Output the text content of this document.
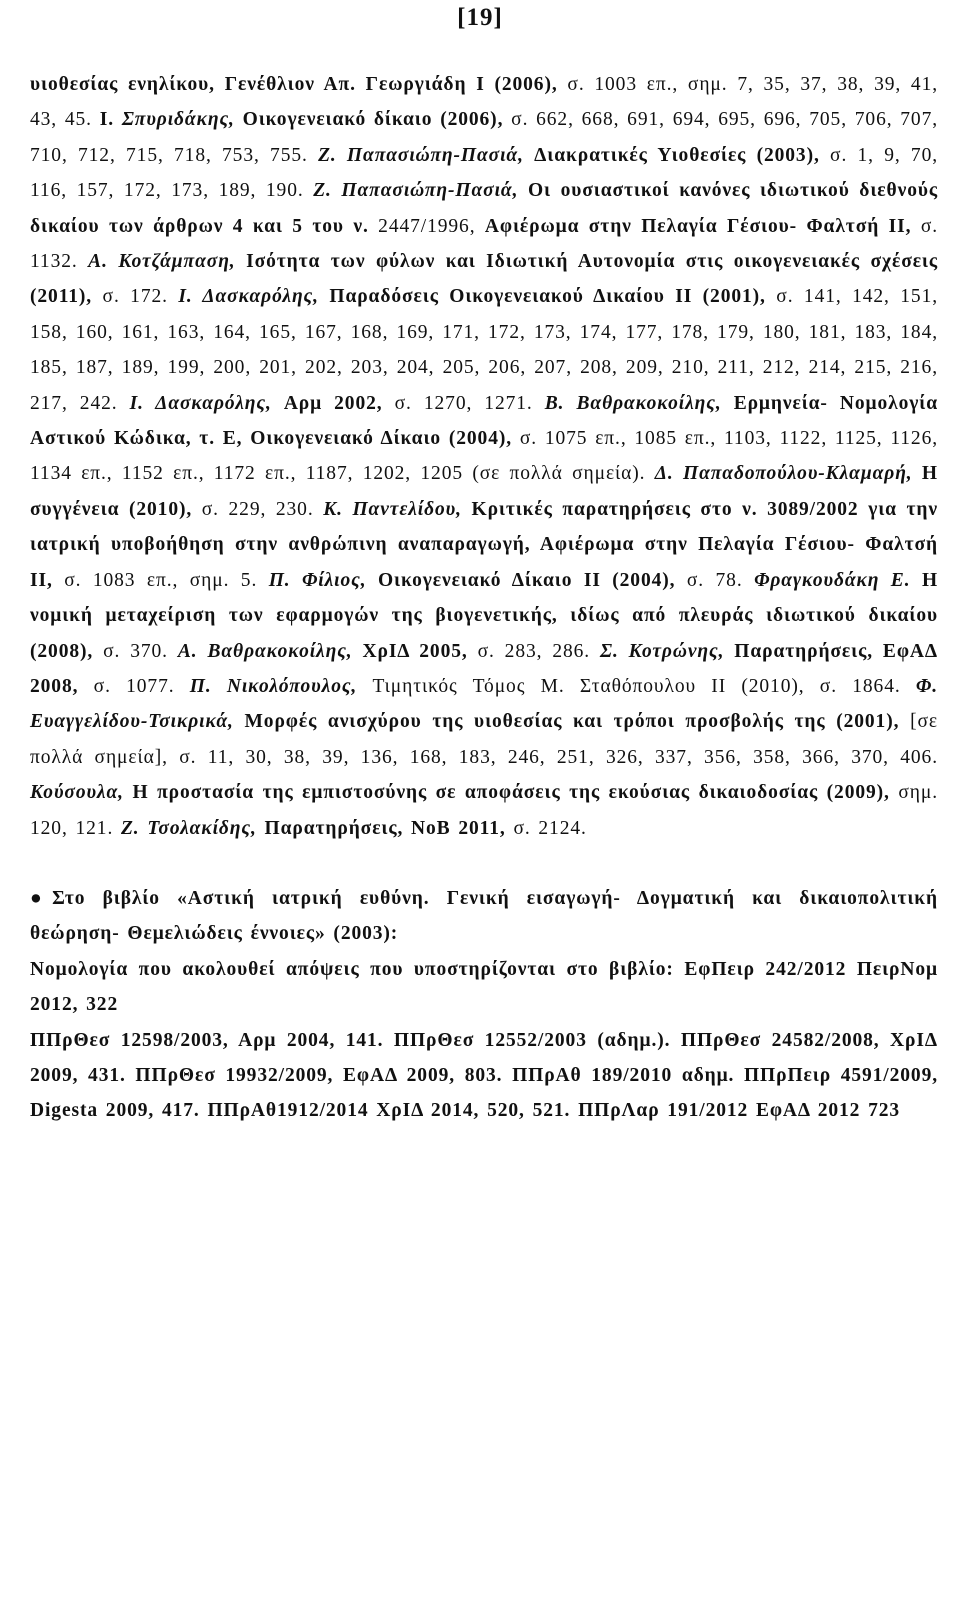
[19]

υιοθεσίας ενηλίκου, Γενέθλιον Απ. Γεωργιάδη Ι (2006), σ. 1003 επ., σημ. 7, 35, 37, 38, 39, 41, 43, 45. Ι. Σπυριδάκης, Οικογενειακό δίκαιο (2006), σ. 662, 668, 691, 694, 695, 696, 705, 706, 707, 710, 712, 715, 718, 753, 755. Ζ. Παπασιώπη-Πασιά, Διακρατικές Υιοθεσίες (2003), σ. 1, 9, 70, 116, 157, 172, 173, 189, 190. Ζ. Παπασιώπη-Πασιά, Οι ουσιαστικοί κανόνες ιδιωτικού διεθνούς δικαίου των άρθρων 4 και 5 του ν. 2447/1996, Αφιέρωμα στην Πελαγία Γέσιου- Φαλτσή ΙΙ, σ. 1132. Α. Κοτζάμπαση, Ισότητα των φύλων και Ιδιωτική Αυτονομία στις οικογενειακές σχέσεις (2011), σ. 172. Ι. Δασκαρόλης, Παραδόσεις Οικογενειακού Δικαίου ΙΙ (2001), σ. 141, 142, 151, 158, 160, 161, 163, 164, 165, 167, 168, 169, 171, 172, 173, 174, 177, 178, 179, 180, 181, 183, 184, 185, 187, 189, 199, 200, 201, 202, 203, 204, 205, 206, 207, 208, 209, 210, 211, 212, 214, 215, 216, 217, 242. Ι. Δασκαρόλης, Αρμ 2002, σ. 1270, 1271. Β. Βαθρακοκοίλης, Ερμηνεία- Νομολογία Αστικού Κώδικα, τ. Ε, Οικογενειακό Δίκαιο (2004), σ. 1075 επ., 1085 επ., 1103, 1122, 1125, 1126, 1134 επ., 1152 επ., 1172 επ., 1187, 1202, 1205 (σε πολλά σημεία). Δ. Παπαδοπούλου-Κλαμαρή, Η συγγένεια (2010), σ. 229, 230. Κ. Παντελίδου, Κριτικές παρατηρήσεις στο ν. 3089/2002 για την ιατρική υποβοήθηση στην ανθρώπινη αναπαραγωγή, Αφιέρωμα στην Πελαγία Γέσιου- Φαλτσή ΙΙ, σ. 1083 επ., σημ. 5. Π. Φίλιος, Οικογενειακό Δίκαιο ΙΙ (2004), σ. 78. Φραγκουδάκη Ε. Η νομική μεταχείριση των εφαρμογών της βιογενετικής, ιδίως από πλευράς ιδιωτικού δικαίου (2008), σ. 370. Α. Βαθρακοκοίλης, ΧρΙΔ 2005, σ. 283, 286. Σ. Κοτρώνης, Παρατηρήσεις, ΕφΑΔ 2008, σ. 1077. Π. Νικολόπουλος, Τιμητικός Τόμος Μ. Σταθόπουλου ΙΙ (2010), σ. 1864. Φ. Ευαγγελίδου-Τσικρικά, Μορφές ανισχύρου της υιοθεσίας και τρόποι προσβολής της (2001), [σε πολλά σημεία], σ. 11, 30, 38, 39, 136, 168, 183, 246, 251, 326, 337, 356, 358, 366, 370, 406. Κούσουλα, Η προστασία της εμπιστοσύνης σε αποφάσεις της εκούσιας δικαιοδοσίας (2009), σημ. 120, 121. Ζ. Τσολακίδης, Παρατηρήσεις, ΝοΒ 2011, σ. 2124.

●Στο βιβλίο «Αστική ιατρική ευθύνη. Γενική εισαγωγή- Δογματική και δικαιοπολιτική θεώρηση- Θεμελιώδεις έννοιες» (2003):

Νομολογία που ακολουθεί απόψεις που υποστηρίζονται στο βιβλίο: ΕφΠειρ 242/2012 ΠειρΝομ 2012, 322

ΠΠρΘεσ 12598/2003, Αρμ 2004, 141. ΠΠρΘεσ 12552/2003 (αδημ.). ΠΠρΘεσ 24582/2008, ΧρΙΔ 2009, 431. ΠΠρΘεσ 19932/2009, ΕφΑΔ 2009, 803. ΠΠρΑθ 189/2010 αδημ. ΠΠρΠειρ 4591/2009, Digesta 2009, 417. ΠΠρΑθ1912/2014 ΧρΙΔ 2014, 520, 521. ΠΠρΛαρ 191/2012 ΕφΑΔ 2012 723
